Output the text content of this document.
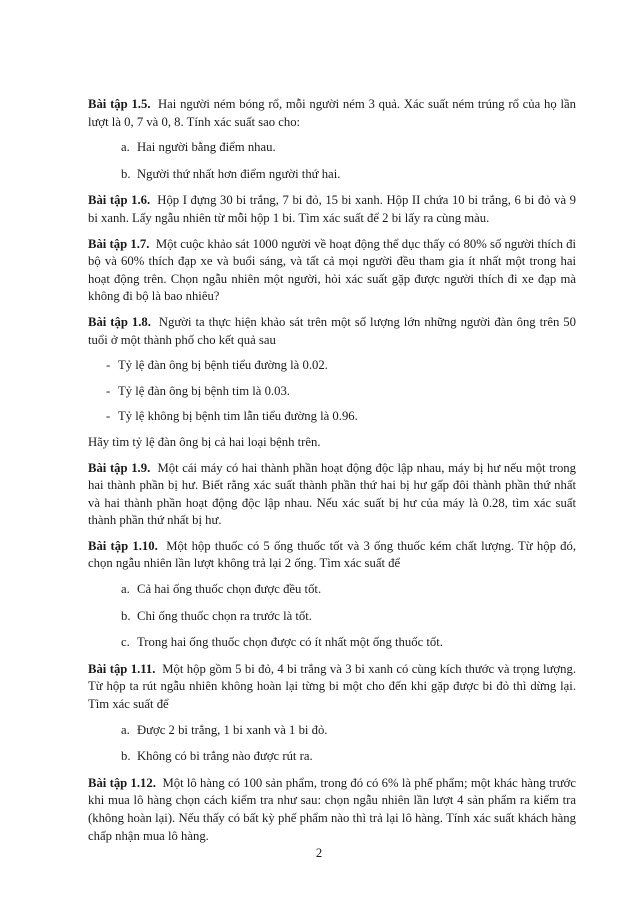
Bài tập 1.5. Hai người ném bóng rổ, mỗi người ném 3 quả. Xác suất ném trúng rổ của họ lần lượt là 0, 7 và 0, 8. Tính xác suất sao cho:
a. Hai người bằng điểm nhau.
b. Người thứ nhất hơn điểm người thứ hai.
Bài tập 1.6. Hộp I đựng 30 bi trắng, 7 bi đỏ, 15 bi xanh. Hộp II chứa 10 bi trắng, 6 bi đỏ và 9 bi xanh. Lấy ngẫu nhiên từ mỗi hộp 1 bi. Tìm xác suất để 2 bi lấy ra cùng màu.
Bài tập 1.7. Một cuộc khảo sát 1000 người về hoạt động thể dục thấy có 80% số người thích đi bộ và 60% thích đạp xe và buổi sáng, và tất cả mọi người đều tham gia ít nhất một trong hai hoạt động trên. Chọn ngẫu nhiên một người, hỏi xác suất gặp được người thích đi xe đạp mà không đi bộ là bao nhiêu?
Bài tập 1.8. Người ta thực hiện khảo sát trên một số lượng lớn những người đàn ông trên 50 tuổi ở một thành phố cho kết quả sau
- Tỷ lệ đàn ông bị bệnh tiểu đường là 0.02.
- Tỷ lệ đàn ông bị bệnh tim là 0.03.
- Tỷ lệ không bị bệnh tim lẫn tiểu đường là 0.96.
Hãy tìm tỷ lệ đàn ông bị cả hai loại bệnh trên.
Bài tập 1.9. Một cái máy có hai thành phần hoạt động độc lập nhau, máy bị hư nếu một trong hai thành phần bị hư. Biết rằng xác suất thành phần thứ hai bị hư gấp đôi thành phần thứ nhất và hai thành phần hoạt động độc lập nhau. Nếu xác suất bị hư của máy là 0.28, tìm xác suất thành phần thứ nhất bị hư.
Bài tập 1.10. Một hộp thuốc có 5 ống thuốc tốt và 3 ống thuốc kém chất lượng. Từ hộp đó, chọn ngẫu nhiên lần lượt không trả lại 2 ống. Tìm xác suất để
a. Cả hai ống thuốc chọn được đều tốt.
b. Chỉ ống thuốc chọn ra trước là tốt.
c. Trong hai ống thuốc chọn được có ít nhất một ống thuốc tốt.
Bài tập 1.11. Một hộp gồm 5 bi đỏ, 4 bi trắng và 3 bi xanh có cùng kích thước và trọng lượng. Từ hộp ta rút ngẫu nhiên không hoàn lại từng bi một cho đến khi gặp được bi đỏ thì dừng lại. Tìm xác suất để
a. Được 2 bi trắng, 1 bi xanh và 1 bi đỏ.
b. Không có bi trắng nào được rút ra.
Bài tập 1.12. Một lô hàng có 100 sản phẩm, trong đó có 6% là phế phẩm; một khác hàng trước khi mua lô hàng chọn cách kiểm tra như sau: chọn ngẫu nhiên lần lượt 4 sản phẩm ra kiểm tra (không hoàn lại). Nếu thấy có bất kỳ phế phẩm nào thì trả lại lô hàng. Tính xác suất khách hàng chấp nhận mua lô hàng.
2
